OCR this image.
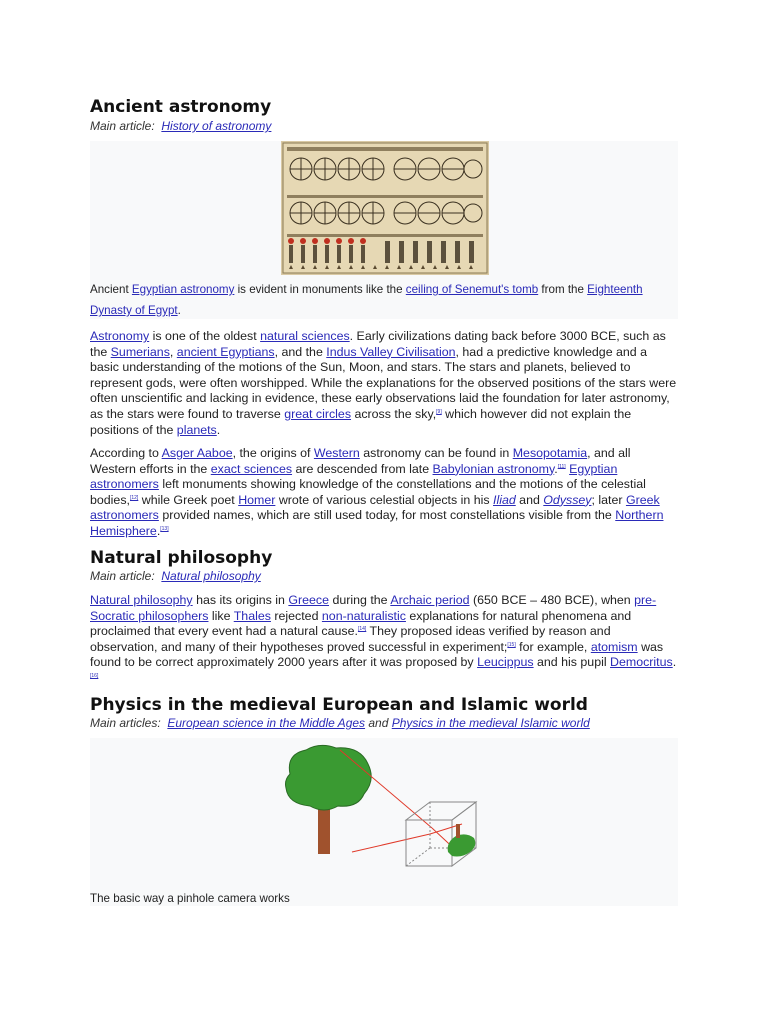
Ancient astronomy

Main article: History of astronomy

Ancient Egyptian astronomy is evident in monuments like the ceiling of Senemut's tomb from the Eighteenth Dynasty of Egypt.

Astronomy is one of the oldest natural sciences. Early civilizations dating back before 3000 BCE, such as the Sumerians, ancient Egyptians, and the Indus Valley Civilisation, had a predictive knowledge and a basic understanding of the motions of the Sun, Moon, and stars. The stars and planets, believed to represent gods, were often worshipped. While the explanations for the observed positions of the stars were often unscientific and lacking in evidence, these early observations laid the foundation for later astronomy, as the stars were found to traverse great circles across the sky,[9] which however did not explain the positions of the planets.

According to Asger Aaboe, the origins of Western astronomy can be found in Mesopotamia, and all Western efforts in the exact sciences are descended from late Babylonian astronomy.[11] Egyptian astronomers left monuments showing knowledge of the constellations and the motions of the celestial bodies,[12] while Greek poet Homer wrote of various celestial objects in his Iliad and Odyssey; later Greek astronomers provided names, which are still used today, for most constellations visible from the Northern Hemisphere.[13]

Natural philosophy

Main article: Natural philosophy

Natural philosophy has its origins in Greece during the Archaic period (650 BCE – 480 BCE), when pre-Socratic philosophers like Thales rejected non-naturalistic explanations for natural phenomena and proclaimed that every event had a natural cause.[14] They proposed ideas verified by reason and observation, and many of their hypotheses proved successful in experiment;[15] for example, atomism was found to be correct approximately 2000 years after it was proposed by Leucippus and his pupil Democritus.[16]

Physics in the medieval European and Islamic world

Main articles: European science in the Middle Ages and Physics in the medieval Islamic world

The basic way a pinhole camera works
